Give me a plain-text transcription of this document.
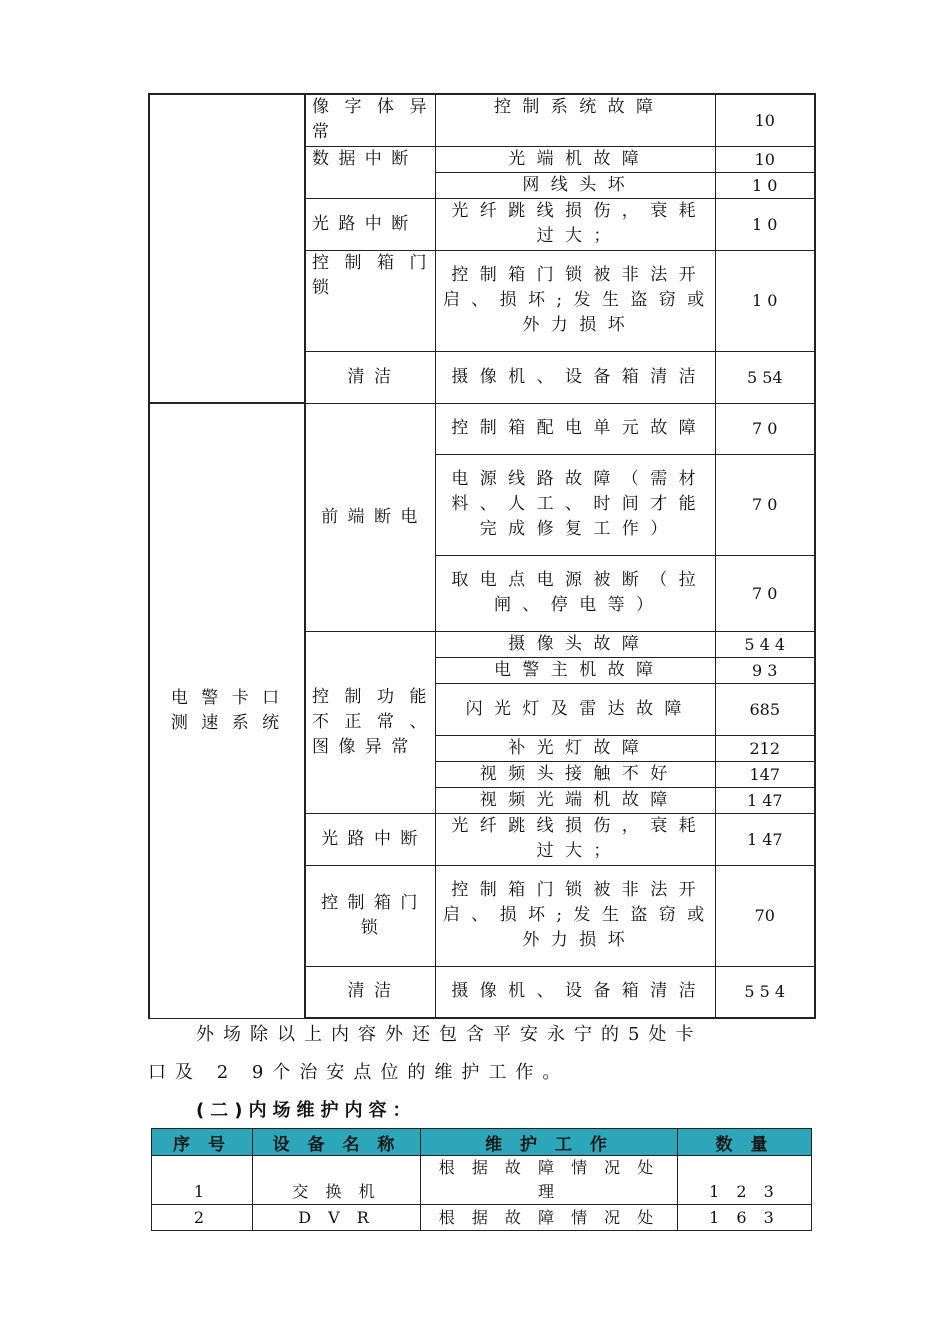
	像 字 体 异 常	控 制 系 统 故 障	10
	数 据 中 断	光 端 机 故 障	10
		网 线 头 坏	1 0
	光 路 中 断	光 纤 跳 线 损 伤 ， 衰 耗 过 大 ；	1 0
	控 制 箱 门 锁	控 制 箱 门 锁 被 非 法 开 启 、 损 坏 ; 发 生 盗 窃 或 外 力 损 坏	1 0
	清 洁	摄 像 机 、 设 备 箱 清 洁	5 54
电 警 卡 口 测 速 系 统	前 端 断 电	控 制 箱 配 电 单 元 故 障	7 0
		电 源 线 路 故 障 （ 需 材 料 、 人 工 、 时 间 才 能 完 成 修 复 工 作 ）	7 0
		取 电 点 电 源 被 断 （ 拉 闸 、 停 电 等 ）	7 0
	控 制 功 能 不 正 常 、 图 像 异 常	摄 像 头 故 障	5 4 4
		电 警 主 机 故 障	9 3
		闪 光 灯 及 雷 达 故 障	685
		补 光 灯 故 障	212
		视 频 头 接 触 不 好	147
		视 频 光 端 机 故 障	1 47
	光 路 中 断	光 纤 跳 线 损 伤 ， 衰 耗 过 大 ；	1 47
	控 制 箱 门 锁	控 制 箱 门 锁 被 非 法 开 启 、 损 坏 ; 发 生 盗 窃 或 外 力 损 坏	70
	清 洁	摄 像 机 、 设 备 箱 清 洁	5 5 4
外场除以上内容外还包含平安永宁的5处卡
口及 2 9个治安点位的维护工作。
(二)内场维护内容：
序 号	设 备 名 称	维 护 工 作	数 量
1	交 换 机	根 据 故 障 情 况 处 理	1 2 3
2	D V R	根 据 故 障 情 况 处	1 6 3
